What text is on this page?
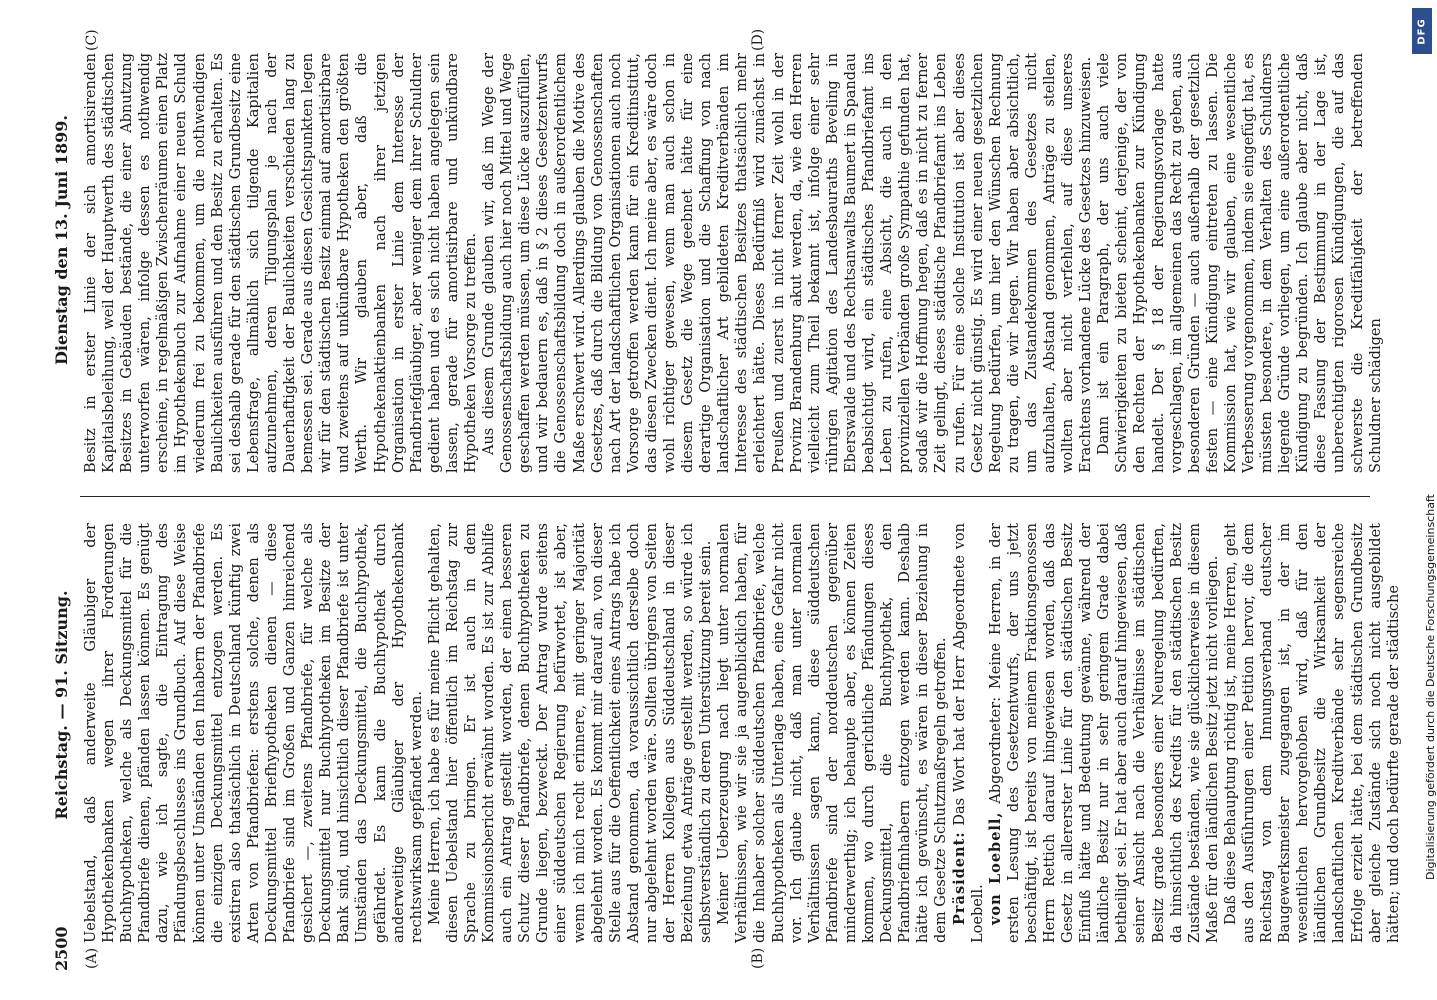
DFG
Digitalisierung gefördert durch die Deutsche Forschungsgemeinschaft
2500
Reichstag. — 91. Sitzung.
Dienstag den 13. Juni 1899.
(A)	(B)
(C)	(D)

Uebelstand, daß anderweite Gläubiger der Hypothekenbanken wegen ihrer Forderungen Buchhypotheken, welche als Deckungsmittel für die Pfandbriefe dienen, pfänden lassen können. Es genügt dazu, wie ich sagte, die Eintragung des Pfändungsbeschlusses ins Grundbuch. Auf diese Weise können unter Umständen den Inhabern der Pfandbriefe die einzigen Deckungsmittel entzogen werden. Es existiren also thatsächlich in Deutschland künftig zwei Arten von Pfandbriefen: erstens solche, denen als Deckungsmittel Briefhypotheken dienen — diese Pfandbriefe sind im Großen und Ganzen hinreichend gesichert —, zweitens Pfandbriefe, für welche als Deckungsmittel nur Buchhypotheken im Besitze der Bank sind, und hinsichtlich dieser Pfandbriefe ist unter Umständen das Deckungsmittel, die Buchhypothek, gefährdet. Es kann die Buchhypothek durch anderweitige Gläubiger der Hypothekenbank rechtswirksam gepfändet werden. Meine Herren, ich habe es für meine Pflicht gehalten, diesen Uebelstand hier öffentlich im Reichstag zur Sprache zu bringen. Er ist auch in dem Kommissionsbericht erwähnt worden. Es ist zur Abhilfe auch ein Antrag gestellt worden, der einen besseren Schutz dieser Pfandbriefe, denen Buchhypotheken zu Grunde liegen, bezweckt. Der Antrag wurde seitens einer süddeutschen Regierung befürwortet, ist aber, wenn ich mich recht erinnere, mit geringer Majorität abgelehnt worden. Es kommt mir darauf an, von dieser Stelle aus für die Oeffentlichkeit eines Antrags habe ich Abstand genommen, da voraussichtlich derselbe doch nur abgelehnt worden wäre. Sollten übrigens von Seiten der Herren Kollegen aus Süddeutschland in dieser Beziehung etwa Anträge gestellt werden, so würde ich selbstverständlich zu deren Unterstützung bereit sein. Meiner Ueberzeugung nach liegt unter normalen Verhältnissen, wie wir sie ja augenblicklich haben, für die Inhaber solcher süddeutschen Pfandbriefe, welche Buchhypotheken als Unterlage haben, eine Gefahr nicht vor. Ich glaube nicht, daß man unter normalen Verhältnissen sagen kann, diese süddeutschen Pfandbriefe sind der norddeutschen gegenüber minderwerthig; ich behaupte aber, es können Zeiten kommen, wo durch gerichtliche Pfändungen dieses Deckungsmittel, die Buchhypothek, den Pfandbriefinhabern entzogen werden kann. Deshalb hätte ich gewünscht, es wären in dieser Beziehung in dem Gesetze Schutzmaßregeln getroffen. Präsident: Das Wort hat der Herr Abgeordnete von Loebell. von Loebell, Abgeordneter: Meine Herren, in der ersten Lesung des Gesetzentwurfs, der uns jetzt beschäftigt, ist bereits von meinem Fraktionsgenossen Herrn Rettich darauf hingewiesen worden, daß das Gesetz in allererster Linie für den städtischen Besitz Einfluß hätte und Bedeutung gewänne, während der ländliche Besitz nur in sehr geringem Grade dabei betheiligt sei. Er hat aber auch darauf hingewiesen, daß seiner Ansicht nach die Verhältnisse im städtischen Besitz grade besonders einer Neuregelung bedürften, da hinsichtlich des Kredits für den städtischen Besitz Zustände beständen, wie sie glücklicherweise in diesem Maße für den ländlichen Besitz jetzt nicht vorliegen. Daß diese Behauptung richtig ist, meine Herren, geht aus den Ausführungen einer Petition hervor, die dem Reichstag von dem Innungsverband deutscher Baugewerksmeister zugegangen ist, in der im wesentlichen hervorgehoben wird, daß für den ländlichen Grundbesitz die Wirksamkeit der landschaftlichen Kreditverbände sehr segensreiche Erfolge erzielt hätte, bei dem städtischen Grundbesitz aber gleiche Zustände sich noch nicht ausgebildet hätten; und doch bedürfte gerade der städtische

Besitz in erster Linie der sich amortisirenden Kapitalsbeleihung, weil der Hauptwerth des städtischen Besitzes in Gebäuden bestände, die einer Abnutzung unterworfen wären, infolge dessen es nothwendig erscheine, in regelmäßigen Zwischenräumen einen Platz im Hypothekenbuch zur Aufnahme einer neuen Schuld wiederum frei zu bekommen, um die nothwendigen Baulichkeiten ausführen und den Besitz zu erhalten. Es sei deshalb gerade für den städtischen Grundbesitz eine Lebensfrage, allmählich sich tilgende Kapitalien aufzunehmen, deren Tilgungsplan je nach der Dauerhaftigkeit der Baulichkeiten verschieden lang zu bemessen sei. Gerade aus diesen Gesichtspunkten legen wir für den städtischen Besitz einmal auf amortisirbare und zweitens auf unkündbare Hypotheken den größten Werth. Wir glauben aber, daß die Hypothekenaktienbanken nach ihrer jetzigen Organisation in erster Linie dem Interesse der Pfandbriefgläubiger, aber weniger dem ihrer Schuldner gedient haben und es sich nicht haben angelegen sein lassen, gerade für amortisirbare und unkündbare Hypotheken Vorsorge zu treffen. Aus diesem Grunde glauben wir, daß im Wege der Genossenschaftsbildung auch hier noch Mittel und Wege geschaffen werden müssen, um diese Lücke auszufüllen, und wir bedauern es, daß in § 2 dieses Gesetzentwurfs die Genossenschaftsbildung doch in außerordentlichem Maße erschwert wird. Allerdings glauben die Motive des Gesetzes, daß durch die Bildung von Genossenschaften nach Art der landschaftlichen Organisationen auch noch Vorsorge getroffen werden kann für ein Kreditinstitut, das diesen Zwecken dient. Ich meine aber, es wäre doch wohl richtiger gewesen, wenn man auch schon in diesem Gesetz die Wege geebnet hätte für eine derartige Organisation und die Schaffung von nach landschaftlicher Art gebildeten Kreditverbänden im Interesse des städtischen Besitzes thatsächlich mehr erleichtert hätte. Dieses Bedürfniß wird zunächst in Preußen und zuerst in nicht ferner Zeit wohl in der Provinz Brandenburg akut werden, da, wie den Herren vielleicht zum Theil bekannt ist, infolge einer sehr rührigen Agitation des Landesbauraths Beveling in Eberswalde und des Rechtsanwalts Baumert in Spandau beabsichtigt wird, ein städtisches Pfandbriefamt ins Leben zu rufen, eine Absicht, die auch in den provinziellen Verbänden große Sympathie gefunden hat, sodaß wir die Hoffnung hegen, daß es in nicht zu ferner Zeit gelingt, dieses städtische Pfandbriefamt ins Leben zu rufen. Für eine solche Institution ist aber dieses Gesetz nicht günstig. Es wird einer neuen gesetzlichen Regelung bedürfen, um hier den Wünschen Rechnung zu tragen, die wir hegen. Wir haben aber absichtlich, um das Zustandekommen des Gesetzes nicht aufzuhalten, Abstand genommen, Anträge zu stellen, wollten aber nicht verfehlen, auf diese unseres Erachtens vorhandene Lücke des Gesetzes hinzuweisen. Dann ist ein Paragraph, der uns auch viele Schwierigkeiten zu bieten scheint, derjenige, der von den Rechten der Hypothekenbanken zur Kündigung handelt. Der § 18 der Regierungsvorlage hatte vorgeschlagen, im allgemeinen das Recht zu geben, aus besonderen Gründen — auch außerhalb der gesetzlich festen — eine Kündigung eintreten zu lassen. Die Kommission hat, wie wir glauben, eine wesentliche Verbesserung vorgenommen, indem sie eingefügt hat, es müssten besondere, in dem Verhalten des Schuldners liegende Gründe vorliegen, um eine außerordentliche Kündigung zu begründen. Ich glaube aber nicht, daß diese Fassung der Bestimmung in der Lage ist, unberechtigten rigorosen Kündigungen, die auf das schwerste die Kreditfähigkeit der betreffenden Schuldner schädigen
